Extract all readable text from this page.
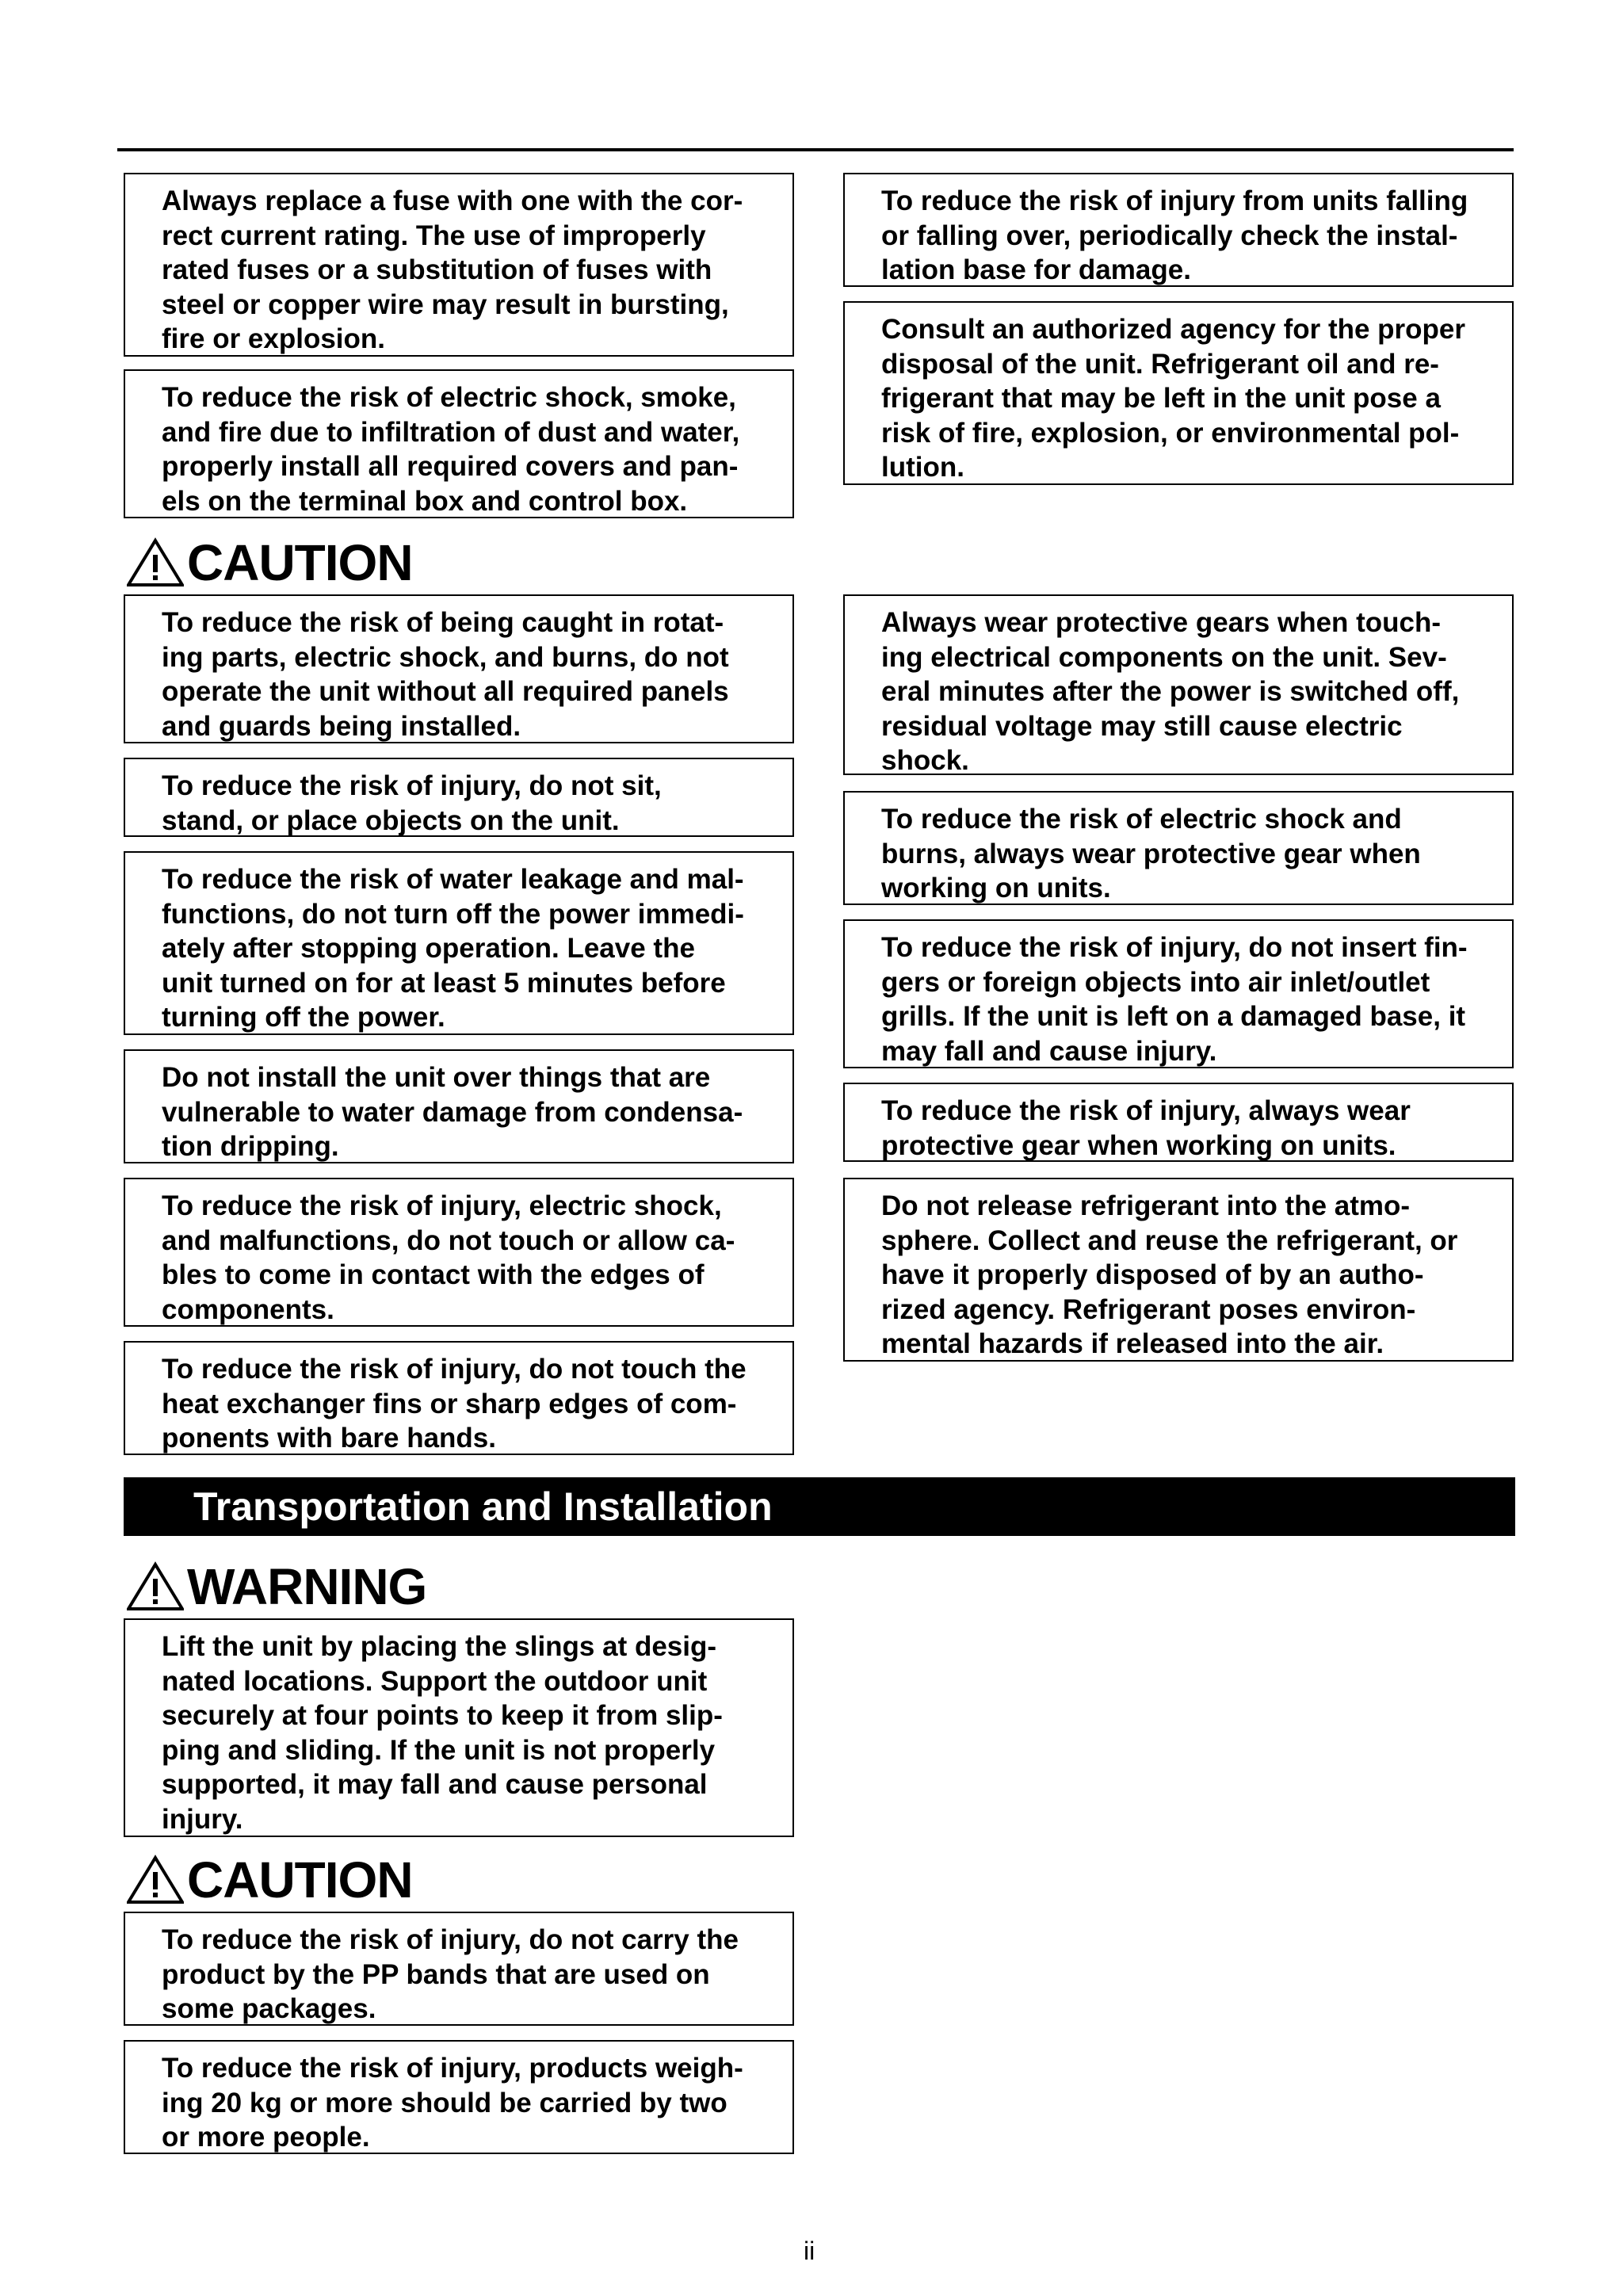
Always replace a fuse with one with the cor-
rect current rating. The use of improperly
rated fuses or a substitution of fuses with
steel or copper wire may result in bursting,
fire or explosion.
To reduce the risk of electric shock, smoke,
and fire due to infiltration of dust and water,
properly install all required covers and pan-
els on the terminal box and control box.
To reduce the risk of injury from units falling
or falling over, periodically check the instal-
lation base for damage.
Consult an authorized agency for the proper
disposal of the unit. Refrigerant oil and re-
frigerant that may be left in the unit pose a
risk of fire, explosion, or environmental pol-
lution.
CAUTION
To reduce the risk of being caught in rotat-
ing parts, electric shock, and burns, do not
operate the unit without all required panels
and guards being installed.
To reduce the risk of injury, do not sit,
stand, or place objects on the unit.
To reduce the risk of water leakage and mal-
functions, do not turn off the power immedi-
ately after stopping operation. Leave the
unit turned on for at least 5 minutes before
turning off the power.
Do not install the unit over things that are
vulnerable to water damage from condensa-
tion dripping.
To reduce the risk of injury, electric shock,
and malfunctions, do not touch or allow ca-
bles to come in contact with the edges of
components.
To reduce the risk of injury, do not touch the
heat exchanger fins or sharp edges of com-
ponents with bare hands.
Always wear protective gears when touch-
ing electrical components on the unit. Sev-
eral minutes after the power is switched off,
residual voltage may still cause electric
shock.
To reduce the risk of electric shock and
burns, always wear protective gear when
working on units.
To reduce the risk of injury, do not insert fin-
gers or foreign objects into air inlet/outlet
grills. If the unit is left on a damaged base, it
may fall and cause injury.
To reduce the risk of injury, always wear
protective gear when working on units.
Do not release refrigerant into the atmo-
sphere. Collect and reuse the refrigerant, or
have it properly disposed of by an autho-
rized agency. Refrigerant poses environ-
mental hazards if released into the air.
Transportation and Installation
WARNING
Lift the unit by placing the slings at desig-
nated locations. Support the outdoor unit
securely at four points to keep it from slip-
ping and sliding. If the unit is not properly
supported, it may fall and cause personal
injury.
CAUTION
To reduce the risk of injury, do not carry the
product by the PP bands that are used on
some packages.
To reduce the risk of injury, products weigh-
ing 20 kg or more should be carried by two
or more people.
ii
